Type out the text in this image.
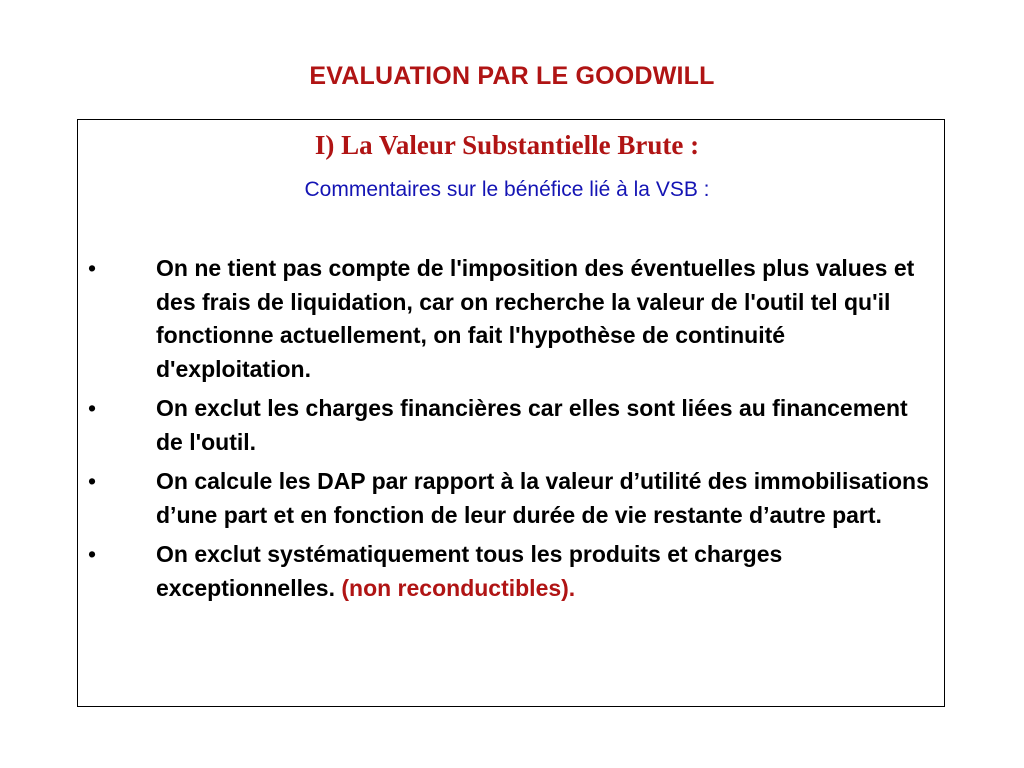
EVALUATION PAR LE GOODWILL
I) La Valeur Substantielle Brute :
Commentaires sur le bénéfice lié à la VSB :
•	On ne tient pas compte de l'imposition des éventuelles plus values et des frais de liquidation, car on recherche la valeur de l'outil tel qu'il fonctionne actuellement, on fait l'hypothèse de continuité d'exploitation.
•	On exclut les charges financières car elles sont liées au financement de l'outil.
•	On calcule les DAP par rapport à la valeur d’utilité des immobilisations d’une part et en fonction de leur durée de vie restante d’autre part.
•	On exclut systématiquement tous les produits et charges exceptionnelles. (non reconductibles).
